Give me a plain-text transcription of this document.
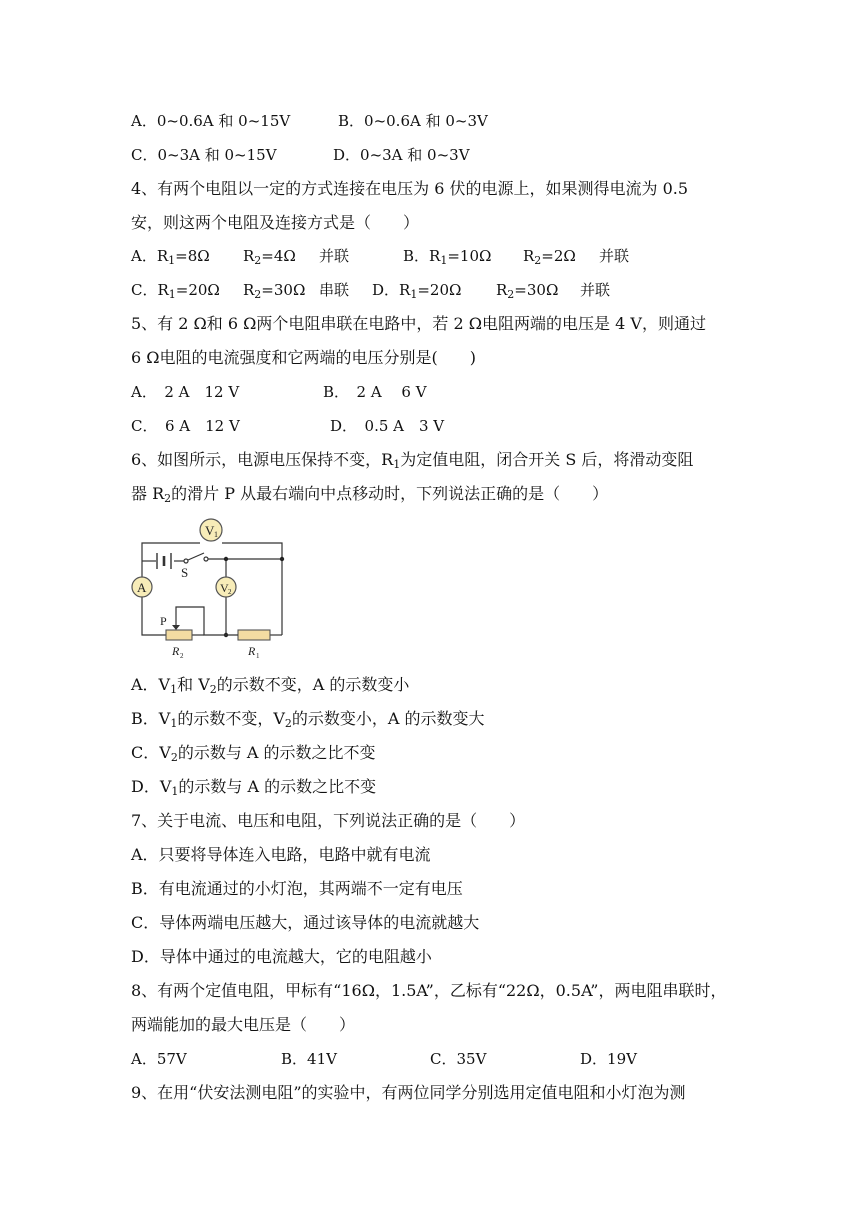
A．0~0.6A 和 0~15V	B．0~0.6A 和 0~3V
C．0~3A 和 0~15V	D．0~3A 和 0~3V
4、有两个电阻以一定的方式连接在电压为 6 伏的电源上，如果测得电流为 0.5
安，则这两个电阻及连接方式是（　　）
A．$R_1=8\Omega$ $R_2=4\Omega$ 并联	B．$R_1=10\Omega$ $R_2=2\Omega$ 并联
C．$R_1=20\Omega$ $R_2=30\Omega$ 串联 D．$R_1=20\Omega$ $R_2=30\Omega$ 并联
5、有 2 Ω和 6 Ω两个电阻串联在电路中，若 2 Ω电阻两端的电压是 4 V，则通过
6 Ω电阻的电流强度和它两端的电压分别是(　　)
A．　2 A　12 V	B．　2 A　 6 V
C．　6 A　12 V	D．　0.5 A　3 V
6、如图所示，电源电压保持不变，$R_1$为定值电阻，闭合开关 S 后，将滑动变阻
器 $R_2$的滑片 P 从最右端向中点移动时，下列说法正确的是（　　）
V 1
V 2
A
S
P
R 2	R 1
A．$V_1$和 $V_2$的示数不变，A 的示数变小
B．$V_1$的示数不变，$V_2$的示数变小，A 的示数变大
C．$V_2$的示数与 A 的示数之比不变
D．$V_1$的示数与 A 的示数之比不变
7、关于电流、电压和电阻，下列说法正确的是（　　）
A．只要将导体连入电路，电路中就有电流
B．有电流通过的小灯泡，其两端不一定有电压
C．导体两端电压越大，通过该导体的电流就越大
D．导体中通过的电流越大，它的电阻越小
8、有两个定值电阻，甲标有“16Ω，1.5A”，乙标有“22Ω，0.5A”，两电阻串联时，
两端能加的最大电压是（　　）
A．57V	B．41V	C．35V	D．19V
9、在用“伏安法测电阻”的实验中，有两位同学分别选用定值电阻和小灯泡为测
